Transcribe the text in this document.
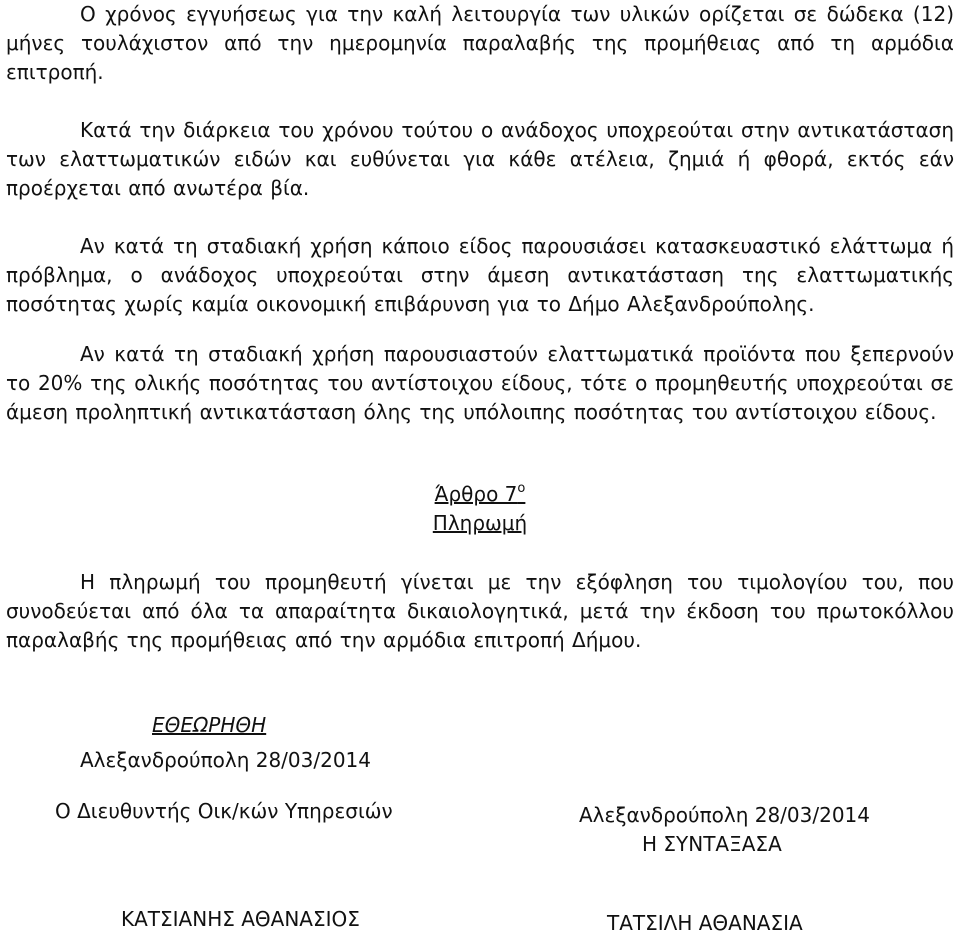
Ο χρόνος εγγυήσεως για την καλή λειτουργία των υλικών ορίζεται σε δώδεκα (12) μήνες τουλάχιστον από την ημερομηνία παραλαβής της προμήθειας από τη αρμόδια επιτροπή.

Κατά την διάρκεια του χρόνου τούτου ο ανάδοχος υποχρεούται στην αντικατάσταση των ελαττωματικών ειδών και ευθύνεται για κάθε ατέλεια, ζημιά ή φθορά, εκτός εάν προέρχεται από ανωτέρα βία.

Αν κατά τη σταδιακή χρήση κάποιο είδος παρουσιάσει κατασκευαστικό ελάττωμα ή πρόβλημα, ο ανάδοχος υποχρεούται στην άμεση αντικατάσταση της ελαττωματικής ποσότητας χωρίς καμία οικονομική επιβάρυνση για το Δήμο Αλεξανδρούπολης.

Αν κατά τη σταδιακή χρήση παρουσιαστούν ελαττωματικά προϊόντα που ξεπερνούν το 20% της ολικής ποσότητας του αντίστοιχου είδους, τότε ο προμηθευτής υποχρεούται σε άμεση προληπτική αντικατάσταση όλης της υπόλοιπης ποσότητας του αντίστοιχου είδους.

Άρθρο $7^o$

Πληρωμή

Η πληρωμή του προμηθευτή γίνεται με την εξόφληση του τιμολογίου του, που συνοδεύεται από όλα τα απαραίτητα δικαιολογητικά, μετά την έκδοση του πρωτοκόλλου παραλαβής της προμήθειας από την αρμόδια επιτροπή Δήμου.

ΕΘΕΩΡΗΘΗ

Αλεξανδρούπολη 28/03/2014

Ο Διευθυντής Οικ/κών Υπηρεσιών	Αλεξανδρούπολη 28/03/2014

Η ΣΥΝΤΑΞΑΣΑ

ΚΑΤΣΙΑΝΗΣ ΑΘΑΝΑΣΙΟΣ	ΤΑΤΣΙΛΗ ΑΘΑΝΑΣΙΑ
